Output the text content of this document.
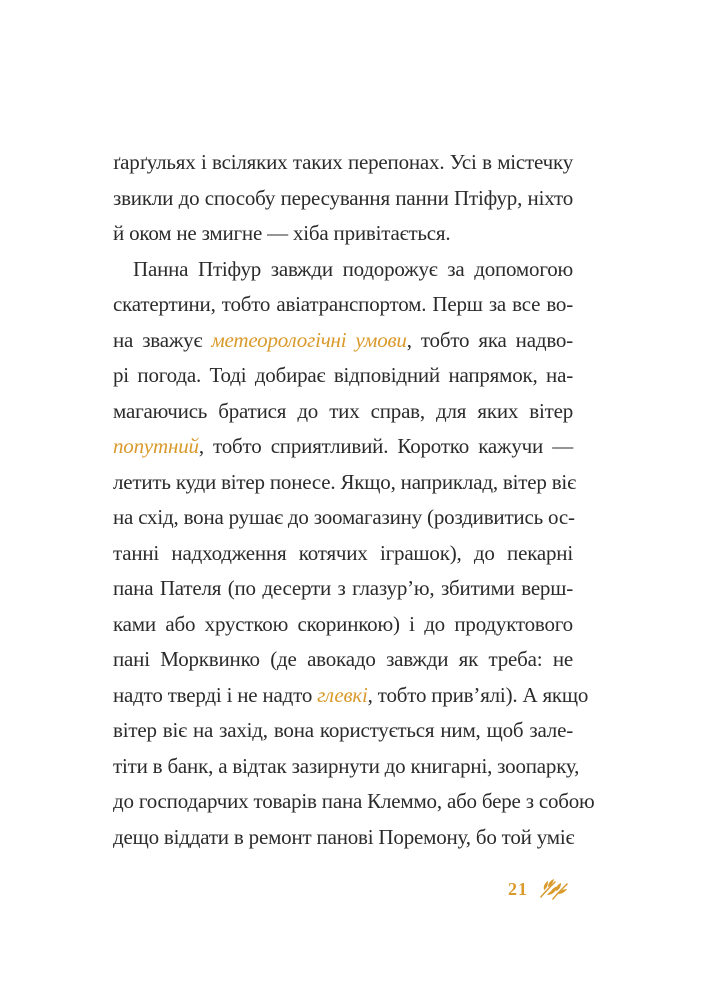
ґарґульях і всіляких таких перепонах. Усі в містечку
звикли до способу пересування панни Птіфур, ніхто
й оком не змигне — хіба привітається.
Панна Птіфур завжди подорожує за допомогою
скатертини, тобто авіатранспортом. Перш за все во-
на зважує метеорологічні умови, тобто яка надво-
рі погода. Тоді добирає відповідний напрямок, на-
магаючись братися до тих справ, для яких вітер
попутний, тобто сприятливий. Коротко кажучи —
летить куди вітер понесе. Якщо, наприклад, вітер віє
на схід, вона рушає до зоомагазину (роздивитись ос-
танні надходження котячих іграшок), до пекарні
пана Пателя (по десерти з глазур’ю, збитими верш-
ками або хрусткою скоринкою) і до продуктового
пані Морквинко (де авокадо завжди як треба: не
надто тверді і не надто глевкі, тобто прив’ялі). А якщо
вітер віє на захід, вона користується ним, щоб зале-
тіти в банк, а відтак зазирнути до книгарні, зоопарку,
до господарчих товарів пана Клеммо, або бере з собою
дещо віддати в ремонт панові Поремону, бо той уміє
21
